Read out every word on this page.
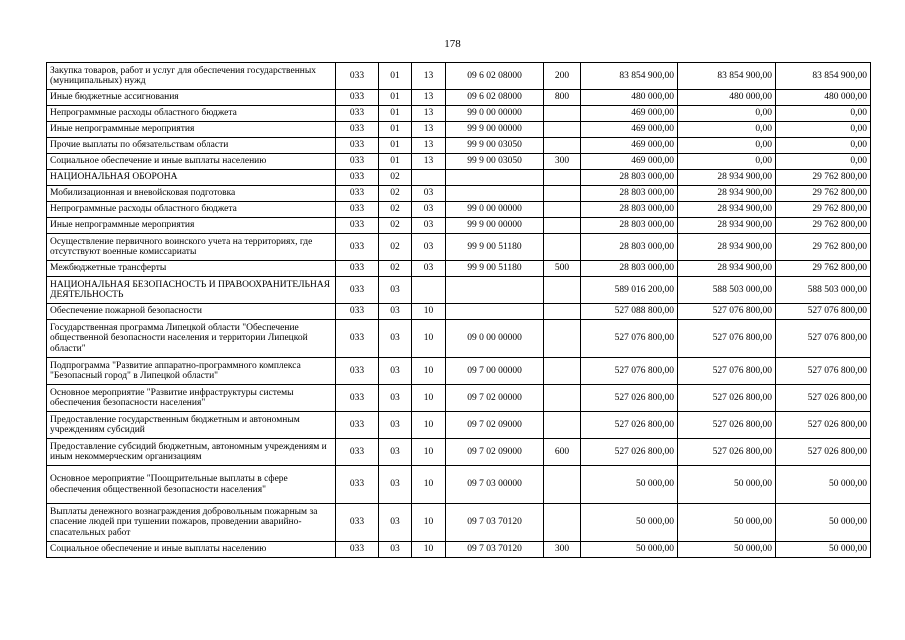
178
Закупка товаров, работ и услуг для обеспечения государственных (муниципальных) нужд	033	01	13	09 6 02 08000	200	83 854 900,00	83 854 900,00	83 854 900,00
Иные бюджетные ассигнования	033	01	13	09 6 02 08000	800	480 000,00	480 000,00	480 000,00
Непрограммные расходы областного бюджета	033	01	13	99 0 00 00000		469 000,00	0,00	0,00
Иные непрограммные мероприятия	033	01	13	99 9 00 00000		469 000,00	0,00	0,00
Прочие выплаты по обязательствам области	033	01	13	99 9 00 03050		469 000,00	0,00	0,00
Социальное обеспечение и иные выплаты населению	033	01	13	99 9 00 03050	300	469 000,00	0,00	0,00
НАЦИОНАЛЬНАЯ ОБОРОНА	033	02				28 803 000,00	28 934 900,00	29 762 800,00
Мобилизационная и вневойсковая подготовка	033	02	03			28 803 000,00	28 934 900,00	29 762 800,00
Непрограммные расходы областного бюджета	033	02	03	99 0 00 00000		28 803 000,00	28 934 900,00	29 762 800,00
Иные непрограммные мероприятия	033	02	03	99 9 00 00000		28 803 000,00	28 934 900,00	29 762 800,00
Осуществление первичного воинского учета на территориях, где отсутствуют военные комиссариаты	033	02	03	99 9 00 51180		28 803 000,00	28 934 900,00	29 762 800,00
Межбюджетные трансферты	033	02	03	99 9 00 51180	500	28 803 000,00	28 934 900,00	29 762 800,00
НАЦИОНАЛЬНАЯ БЕЗОПАСНОСТЬ И ПРАВООХРАНИТЕЛЬНАЯ ДЕЯТЕЛЬНОСТЬ	033	03				589 016 200,00	588 503 000,00	588 503 000,00
Обеспечение пожарной безопасности	033	03	10			527 088 800,00	527 076 800,00	527 076 800,00
Государственная программа Липецкой области "Обеспечение общественной безопасности населения и территории Липецкой области"	033	03	10	09 0 00 00000		527 076 800,00	527 076 800,00	527 076 800,00
Подпрограмма "Развитие аппаратно-программного комплекса "Безопасный город" в Липецкой области"	033	03	10	09 7 00 00000		527 076 800,00	527 076 800,00	527 076 800,00
Основное мероприятие "Развитие инфраструктуры системы обеспечения безопасности населения"	033	03	10	09 7 02 00000		527 026 800,00	527 026 800,00	527 026 800,00
Предоставление государственным бюджетным и автономным учреждениям субсидий	033	03	10	09 7 02 09000		527 026 800,00	527 026 800,00	527 026 800,00
Предоставление субсидий бюджетным, автономным учреждениям и иным некоммерческим организациям	033	03	10	09 7 02 09000	600	527 026 800,00	527 026 800,00	527 026 800,00
Основное мероприятие "Поощрительные выплаты в сфере обеспечения общественной безопасности населения"	033	03	10	09 7 03 00000		50 000,00	50 000,00	50 000,00
Выплаты денежного вознаграждения добровольным пожарным за спасение людей при тушении пожаров, проведении аварийно-спасательных работ	033	03	10	09 7 03 70120		50 000,00	50 000,00	50 000,00
Социальное обеспечение и иные выплаты населению	033	03	10	09 7 03 70120	300	50 000,00	50 000,00	50 000,00
